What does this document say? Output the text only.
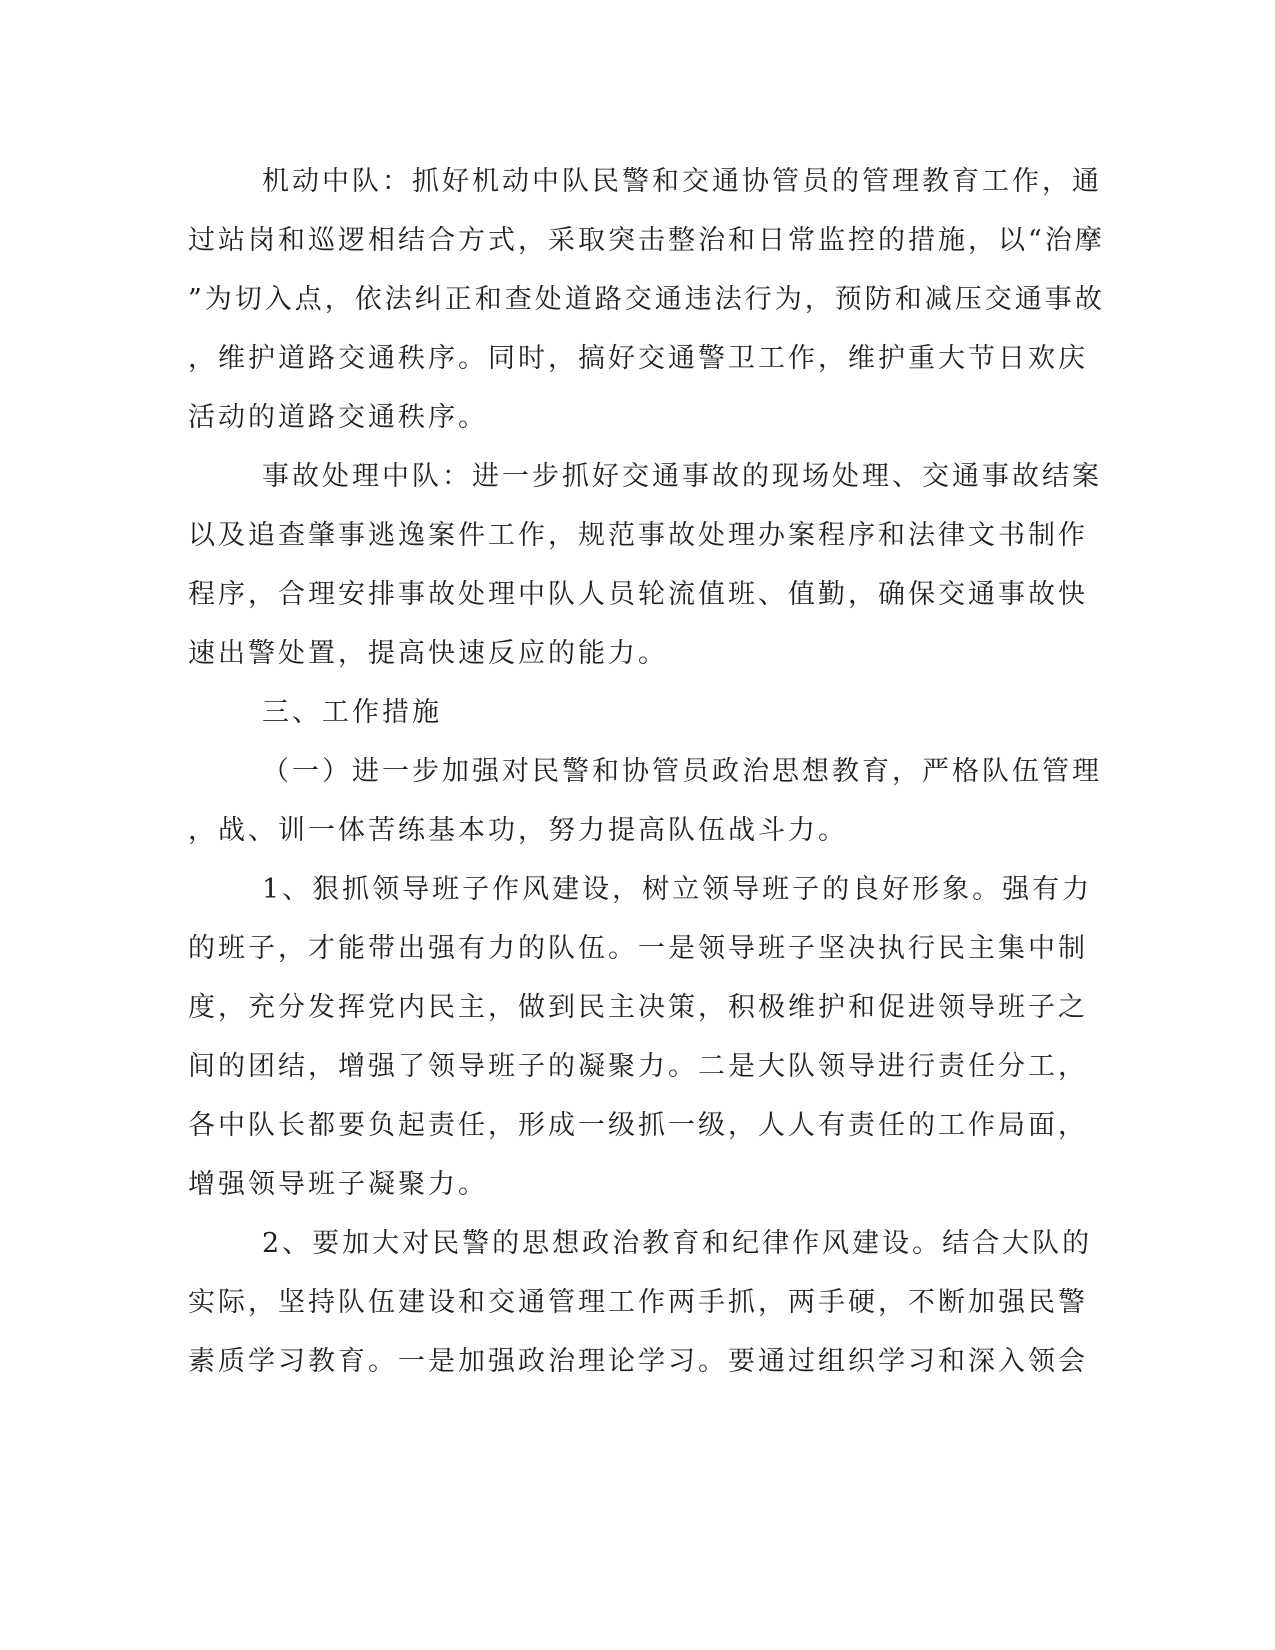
机动中队：抓好机动中队民警和交通协管员的管理教育工作，通

过站岗和巡逻相结合方式，采取突击整治和日常监控的措施，以“治摩

”为切入点，依法纠正和查处道路交通违法行为，预防和减压交通事故

，维护道路交通秩序。同时，搞好交通警卫工作，维护重大节日欢庆

活动的道路交通秩序。

事故处理中队：进一步抓好交通事故的现场处理、交通事故结案

以及追查肇事逃逸案件工作，规范事故处理办案程序和法律文书制作

程序，合理安排事故处理中队人员轮流值班、值勤，确保交通事故快

速出警处置，提高快速反应的能力。

三、工作措施

（一）进一步加强对民警和协管员政治思想教育，严格队伍管理

，战、训一体苦练基本功，努力提高队伍战斗力。

1、狠抓领导班子作风建设，树立领导班子的良好形象。强有力

的班子，才能带出强有力的队伍。一是领导班子坚决执行民主集中制

度，充分发挥党内民主，做到民主决策，积极维护和促进领导班子之

间的团结，增强了领导班子的凝聚力。二是大队领导进行责任分工，

各中队长都要负起责任，形成一级抓一级，人人有责任的工作局面，

增强领导班子凝聚力。

2、要加大对民警的思想政治教育和纪律作风建设。结合大队的

实际，坚持队伍建设和交通管理工作两手抓，两手硬，不断加强民警

素质学习教育。一是加强政治理论学习。要通过组织学习和深入领会
